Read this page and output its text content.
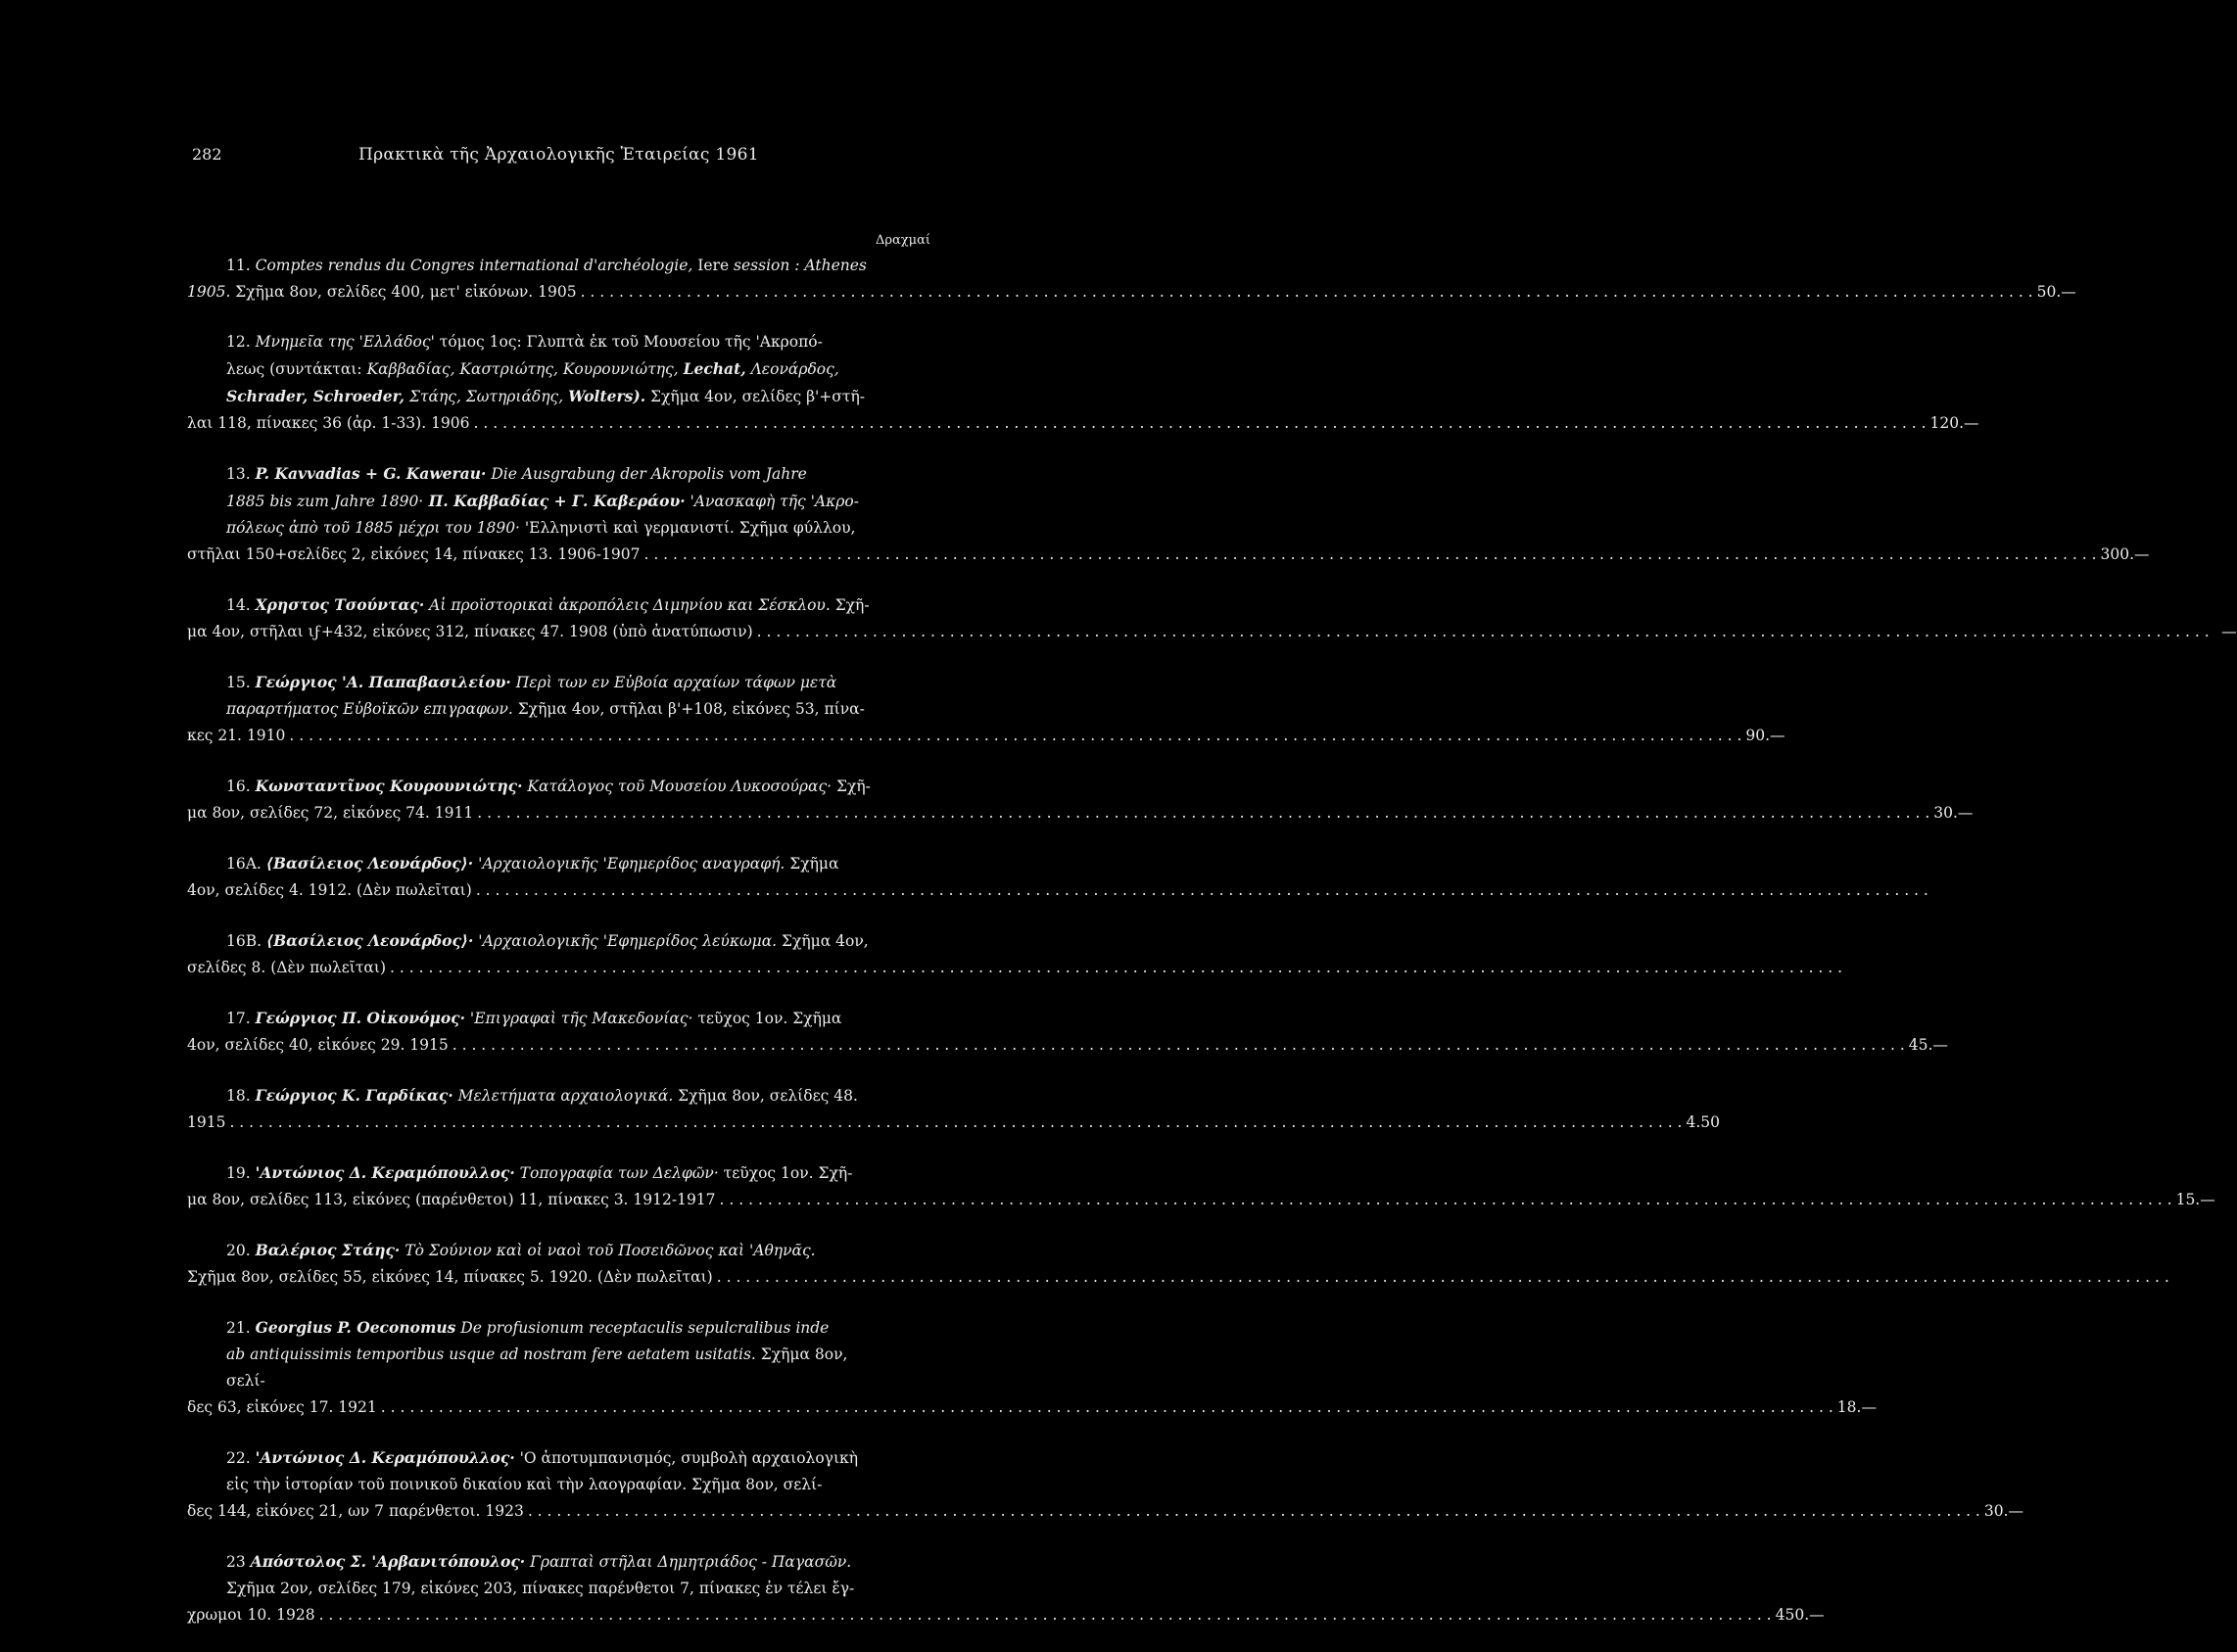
282	Πρακτικὰ τῆς Ἀρχαιολογικῆς Ἑταιρείας 1961
Δραχμαί

11. Comptes rendus du Congres international d'archéologie, Iere session : Athenes

1905. Σχῆμα 8ον, σελίδες 400, μετ' εἰκόνων. 1905 . . .	50.—

12. Μνημεῖα της 'Ελλάδος' τόμος 1ος: Γλυπτὰ ἐκ τοῦ Μουσείου τῆς 'Ακροπό-

λεως (συντάκται: Καββαδίας, Καστριώτης, Κουρουνιώτης, Lechat, Λεονάρδος,

Schrader, Schroeder, Στάης, Σωτηριάδης, Wolters). Σχῆμα 4ον, σελίδες β'+στῆ-

λαι 118, πίνακες 36 (ἀρ. 1-33). 1906 . . .	120.—

13. P. Kavvadias + G. Kawerau· Die Ausgrabung der Akropolis vom Jahre

1885 bis zum Jahre 1890· Π. Καββαδίας + Γ. Καβεράου· 'Ανασκαφὴ τῆς 'Ακρο-

πόλεως ἀπὸ τοῦ 1885 μέχρι του 1890· 'Ελληνιστὶ καὶ γερμανιστί. Σχῆμα φύλλου,

στῆλαι 150+σελίδες 2, εἰκόνες 14, πίνακες 13. 1906-1907 . . .	300.—

14. Χρηστος Τσούντας· Αἱ προϊστορικαὶ ἀκροπόλεις Διμηνίου και Σέσκλου. Σχῆ-

μα 4ον, στῆλαι ιϝ+432, εἰκόνες 312, πίνακες 47. 1908 (ὑπὸ ἀνατύπωσιν) . . .	—

15. Γεώργιος 'Α. Παπαβασιλείου· Περὶ των εν Εὐβοία αρχαίων τάφων μετὰ

παραρτήματος Εὐβοϊκῶν επιγραφων. Σχῆμα 4ον, στῆλαι β'+108, εἰκόνες 53, πίνα-

κες 21. 1910 . . .	90.—

16. Κωνσταντῖνος Κουρουνιώτης· Κατάλογος τοῦ Μουσείου Λυκοσούρας· Σχῆ-

μα 8ον, σελίδες 72, εἰκόνες 74. 1911 . . .	30.—

16Α. ⟨Βασίλειος Λεονάρδος⟩· 'Αρχαιολογικῆς 'Εφημερίδος αναγραφή. Σχῆμα

4ον, σελίδες 4. 1912. (Δὲν πωλεῖται)
. . .

16Β. ⟨Βασίλειος Λεονάρδος⟩· 'Αρχαιολογικῆς 'Εφημερίδος λεύκωμα. Σχῆμα 4ον,

σελίδες 8. (Δὲν πωλεῖται)
. . .

17. Γεώργιος Π. Οἰκονόμος· 'Επιγραφαὶ τῆς Μακεδονίας· τεῦχος 1ον. Σχῆμα

4ον, σελίδες 40, εἰκόνες 29. 1915 . . .	45.—

18. Γεώργιος Κ. Γαρδίκας· Μελετήματα αρχαιολογικά. Σχῆμα 8ον, σελίδες 48.

1915 . . .	4.50

19. 'Αντώνιος Δ. Κεραμόπουλλος· Τοπογραφία των Δελφῶν· τεῦχος 1ον. Σχῆ-

μα 8ον, σελίδες 113, εἰκόνες (παρένθετοι) 11, πίνακες 3. 1912-1917 . . .	15.—

20. Βαλέριος Στάης· Τὸ Σούνιον καὶ οἱ ναοὶ τοῦ Ποσειδῶνος καὶ 'Αθηνᾶς.

Σχῆμα 8ον, σελίδες 55, εἰκόνες 14, πίνακες 5. 1920. (Δὲν πωλεῖται)
. . .

21. Georgius P. Oeconomus De profusionum receptaculis sepulcralibus inde

ab antiquissimis temporibus usque ad nostram fere aetatem usitatis. Σχῆμα 8ον, σελί-

δες 63, εἰκόνες 17. 1921 . . .	18.—

22. 'Αντώνιος Δ. Κεραμόπουλλος· 'Ο ἀποτυμπανισμός, συμβολὴ αρχαιολογικὴ

εἰς τὴν ἱστορίαν τοῦ ποινικοῦ δικαίου καὶ τὴν λαογραφίαν. Σχῆμα 8ον, σελί-

δες 144, εἰκόνες 21, ων 7 παρένθετοι. 1923 . . .	30.—

23 Απόστολος Σ. 'Αρβανιτόπουλος· Γραπταὶ στῆλαι Δημητριάδος - Παγασῶν.

Σχῆμα 2ον, σελίδες 179, εἰκόνες 203, πίνακες παρένθετοι 7, πίνακες ἐν τέλει ἔγ-

χρωμοι 10. 1928 . . .	450.—
